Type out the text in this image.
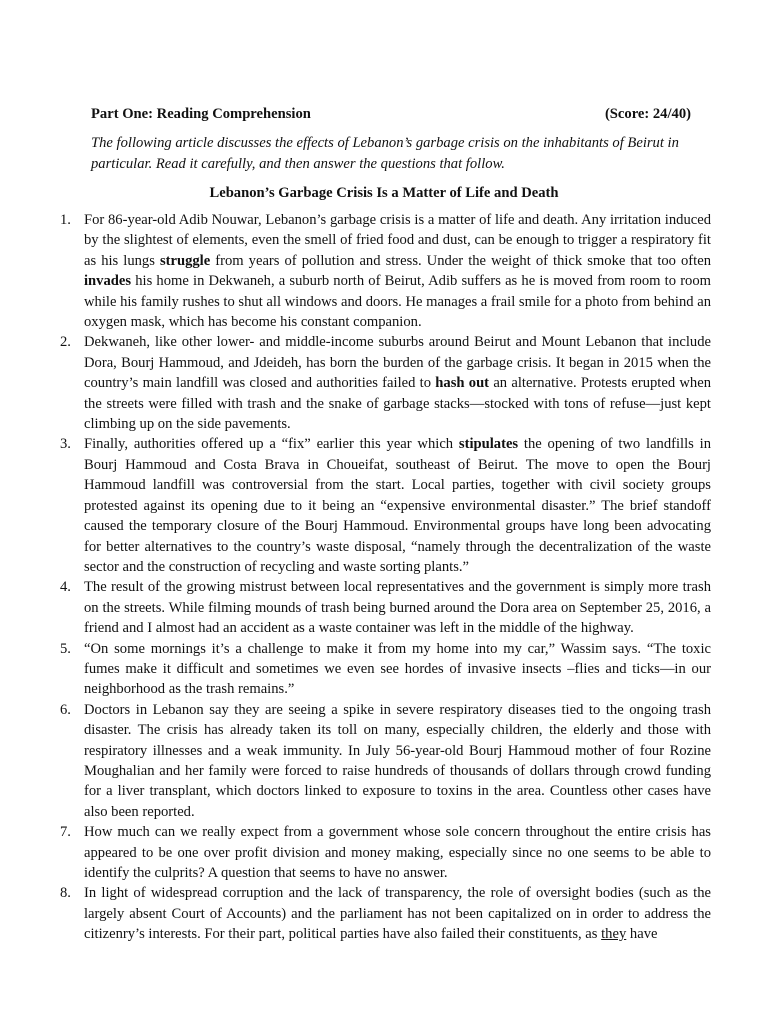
Part One: Reading Comprehension	(Score: 24/40)
The following article discusses the effects of Lebanon’s garbage crisis on the inhabitants of Beirut in particular. Read it carefully, and then answer the questions that follow.
Lebanon’s Garbage Crisis Is a Matter of Life and Death

1. For 86-year-old Adib Nouwar, Lebanon’s garbage crisis is a matter of life and death. Any irritation induced by the slightest of elements, even the smell of fried food and dust, can be enough to trigger a respiratory fit as his lungs struggle from years of pollution and stress. Under the weight of thick smoke that too often invades his home in Dekwaneh, a suburb north of Beirut, Adib suffers as he is moved from room to room while his family rushes to shut all windows and doors. He manages a frail smile for a photo from behind an oxygen mask, which has become his constant companion.

2. Dekwaneh, like other lower- and middle-income suburbs around Beirut and Mount Lebanon that include Dora, Bourj Hammoud, and Jdeideh, has born the burden of the garbage crisis. It began in 2015 when the country’s main landfill was closed and authorities failed to hash out an alternative. Protests erupted when the streets were filled with trash and the snake of garbage stacks—stocked with tons of refuse—just kept climbing up on the side pavements.

3. Finally, authorities offered up a “fix” earlier this year which stipulates the opening of two landfills in Bourj Hammoud and Costa Brava in Choueifat, southeast of Beirut. The move to open the Bourj Hammoud landfill was controversial from the start. Local parties, together with civil society groups protested against its opening due to it being an “expensive environmental disaster.” The brief standoff caused the temporary closure of the Bourj Hammoud. Environmental groups have long been advocating for better alternatives to the country’s waste disposal, “namely through the decentralization of the waste sector and the construction of recycling and waste sorting plants.”

4. The result of the growing mistrust between local representatives and the government is simply more trash on the streets. While filming mounds of trash being burned around the Dora area on September 25, 2016, a friend and I almost had an accident as a waste container was left in the middle of the highway.

5. “On some mornings it’s a challenge to make it from my home into my car,” Wassim says. “The toxic fumes make it difficult and sometimes we even see hordes of invasive insects –flies and ticks—in our neighborhood as the trash remains.”

6. Doctors in Lebanon say they are seeing a spike in severe respiratory diseases tied to the ongoing trash disaster. The crisis has already taken its toll on many, especially children, the elderly and those with respiratory illnesses and a weak immunity. In July 56-year-old Bourj Hammoud mother of four Rozine Moughalian and her family were forced to raise hundreds of thousands of dollars through crowd funding for a liver transplant, which doctors linked to exposure to toxins in the area. Countless other cases have also been reported.

7. How much can we really expect from a government whose sole concern throughout the entire crisis has appeared to be one over profit division and money making, especially since no one seems to be able to identify the culprits? A question that seems to have no answer.

8. In light of widespread corruption and the lack of transparency, the role of oversight bodies (such as the largely absent Court of Accounts) and the parliament has not been capitalized on in order to address the citizenry’s interests. For their part, political parties have also failed their constituents, as they have
